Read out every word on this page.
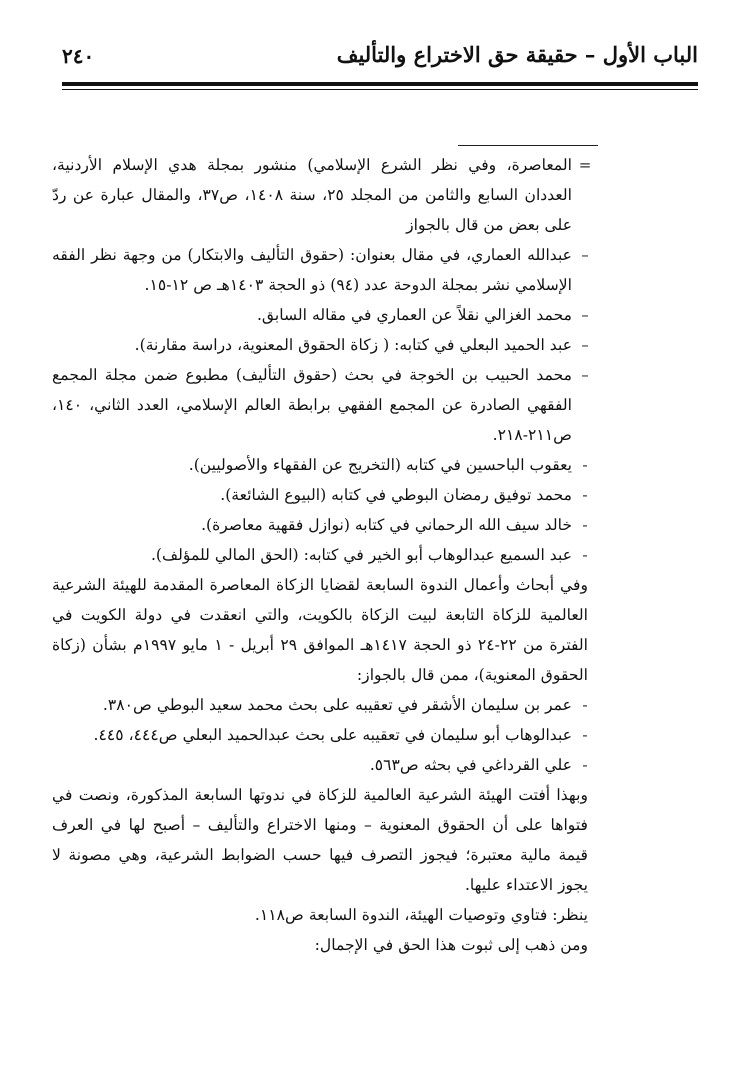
الباب الأول – حقيقة حق الاختراع والتأليف
٢٤٠
=
–
–
–
–
-
-
-
-
-
-
-

المعاصرة، وفي نظر الشرع الإسلامي) منشور بمجلة هدي الإسلام الأردنية، العددان السابع والثامن من المجلد ٢٥، سنة ١٤٠٨، ص٣٧، والمقال عبارة عن ردّ على بعض من قال بالجواز

عبدالله العماري، في مقال بعنوان: (حقوق التأليف والابتكار) من وجهة نظر الفقه الإسلامي نشر بمجلة الدوحة عدد (٩٤) ذو الحجة ١٤٠٣هـ ص ١٢-١٥.

محمد الغزالي نقلاً عن العماري في مقاله السابق.

عبد الحميد البعلي في كتابه: ( زكاة الحقوق المعنوية، دراسة مقارنة).

محمد الحبيب بن الخوجة في بحث (حقوق التأليف) مطبوع ضمن مجلة المجمع الفقهي الصادرة عن المجمع الفقهي برابطة العالم الإسلامي، العدد الثاني، ١٤٠، ص٢١١-٢١٨.

يعقوب الباحسين في كتابه (التخريج عن الفقهاء والأصوليين).

محمد توفيق رمضان البوطي في كتابه (البيوع الشائعة).

خالد سيف الله الرحماني في كتابه (نوازل فقهية معاصرة).

عبد السميع عبدالوهاب أبو الخير في كتابه: (الحق المالي للمؤلف).

وفي أبحاث وأعمال الندوة السابعة لقضايا الزكاة المعاصرة المقدمة للهيئة الشرعية العالمية للزكاة التابعة لبيت الزكاة بالكويت، والتي انعقدت في دولة الكويت في الفترة من ٢٢-٢٤ ذو الحجة ١٤١٧هـ الموافق ٢٩ أبريل - ١ مايو ١٩٩٧م بشأن (زكاة الحقوق المعنوية)، ممن قال بالجواز:

عمر بن سليمان الأشقر في تعقيبه على بحث محمد سعيد البوطي ص٣٨٠.

عبدالوهاب أبو سليمان في تعقيبه على بحث عبدالحميد البعلي ص٤٤٤، ٤٤٥.

علي القرداغي في بحثه ص٥٦٣.

وبهذا أفتت الهيئة الشرعية العالمية للزكاة في ندوتها السابعة المذكورة، ونصت في فتواها على أن الحقوق المعنوية – ومنها الاختراع والتأليف – أصبح لها في العرف قيمة مالية معتبرة؛ فيجوز التصرف فيها حسب الضوابط الشرعية، وهي مصونة لا يجوز الاعتداء عليها.

ينظر: فتاوي وتوصيات الهيئة، الندوة السابعة ص١١٨.

ومن ذهب إلى ثبوت هذا الحق في الإجمال:
